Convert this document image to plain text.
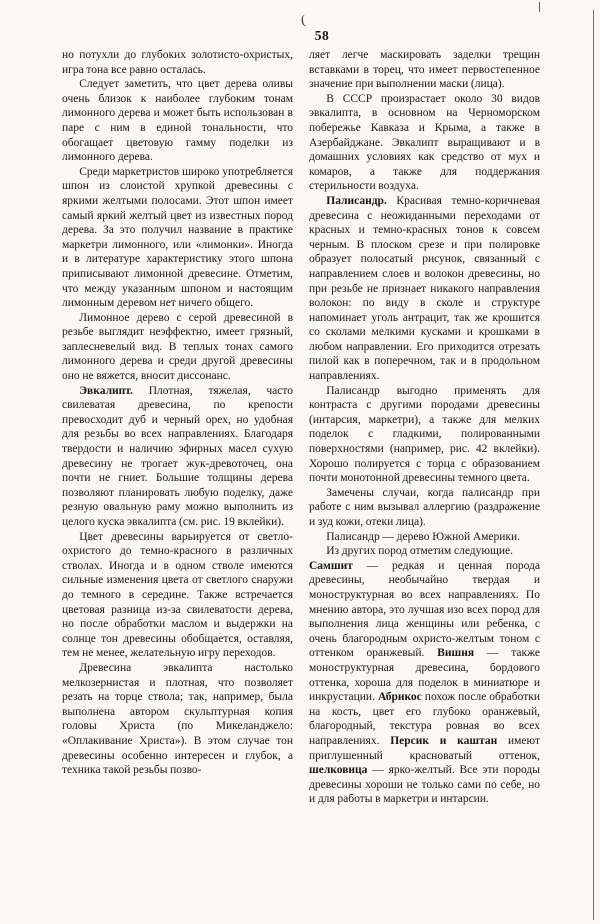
(
58

но потухли до глубоких золотисто-охристых, игра тона все равно осталась.

Следует заметить, что цвет дерева оливы очень близок к наиболее глубоким тонам лимонного дерева и может быть использован в паре с ним в единой тональности, что обогащает цветовую гамму поделки из лимонного дерева.

Среди маркетристов широко употребляется шпон из слоистой хрупкой древесины с яркими желтыми полосами. Этот шпон имеет самый яркий желтый цвет из известных пород дерева. За это получил название в практике маркетри лимонного, или «лимонки». Иногда и в литературе характеристику этого шпона приписывают лимонной древесине. Отметим, что между указанным шпоном и настоящим лимонным деревом нет ничего общего.

Лимонное дерево с серой древесиной в резьбе выглядит неэффектно, имеет грязный, заплесневелый вид. В теплых тонах самого лимонного дерева и среди другой древесины оно не вяжется, вносит диссонанс.

Эвкалипт. Плотная, тяжелая, часто свилеватая древесина, по крепости превосходит дуб и черный орех, но удобная для резьбы во всех направлениях. Благодаря твердости и наличию эфирных масел сухую древесину не трогает жук-древоточец, она почти не гниет. Большие толщины дерева позволяют планировать любую поделку, даже резную овальную раму можно выполнить из целого куска эвкалипта (см. рис. 19 вклейки).

Цвет древесины варьируется от светло-охристого до темно-красного в различных стволах. Иногда и в одном стволе имеются сильные изменения цвета от светлого снаружи до темного в середине. Также встречается цветовая разница из-за свилеватости дерева, но после обработки маслом и выдержки на солнце тон древесины обобщается, оставляя, тем не менее, желательную игру переходов.

Древесина эвкалипта настолько мелкозернистая и плотная, что позволяет резать на торце ствола; так, например, была выполнена автором скульптурная копия головы Христа (по Микеланджело: «Оплакивание Христа»). В этом случае тон древесины особенно интересен и глубок, а техника такой резьбы позво-

ляет легче маскировать заделки трещин вставками в торец, что имеет первостепенное значение при выполнении маски (лица).

В СССР произрастает около 30 видов эвкалипта, в основном на Черноморском побережье Кавказа и Крыма, а также в Азербайджане. Эвкалипт выращивают и в домашних условиях как средство от мух и комаров, а также для поддержания стерильности воздуха.

Палисандр. Красивая темно-коричневая древесина с неожиданными переходами от красных и темно-красных тонов к совсем черным. В плоском срезе и при полировке образует полосатый рисунок, связанный с направлением слоев и волокон древесины, но при резьбе не признает никакого направления волокон: по виду в сколе и структуре напоминает уголь антрацит, так же крошится со сколами мелкими кусками и крошками в любом направлении. Его приходится отрезать пилой как в поперечном, так и в продольном направлениях.

Палисандр выгодно применять для контраста с другими породами древесины (интарсия, маркетри), а также для мелких поделок с гладкими, полированными поверхностями (например, рис. 42 вклейки). Хорошо полируется с торца с образованием почти монотонной древесины темного цвета.

Замечены случаи, когда палисандр при работе с ним вызывал аллергию (раздражение и зуд кожи, отеки лица).

Палисандр — дерево Южной Америки.

Из других пород отметим следующие.

Самшит — редкая и ценная порода древесины, необычайно твердая и моноструктурная во всех направлениях. По мнению автора, это лучшая изо всех пород для выполнения лица женщины или ребенка, с очень благородным охристо-желтым тоном с оттенком оранжевый. Вишня — также моноструктурная древесина, бордового оттенка, хороша для поделок в миниатюре и инкрустации. Абрикос похож после обработки на кость, цвет его глубоко оранжевый, благородный, текстура ровная во всех направлениях. Персик и каштан имеют приглушенный красноватый оттенок, шелковица — ярко-желтый. Все эти породы древесины хороши не только сами по себе, но и для работы в маркетри и интарсии.
